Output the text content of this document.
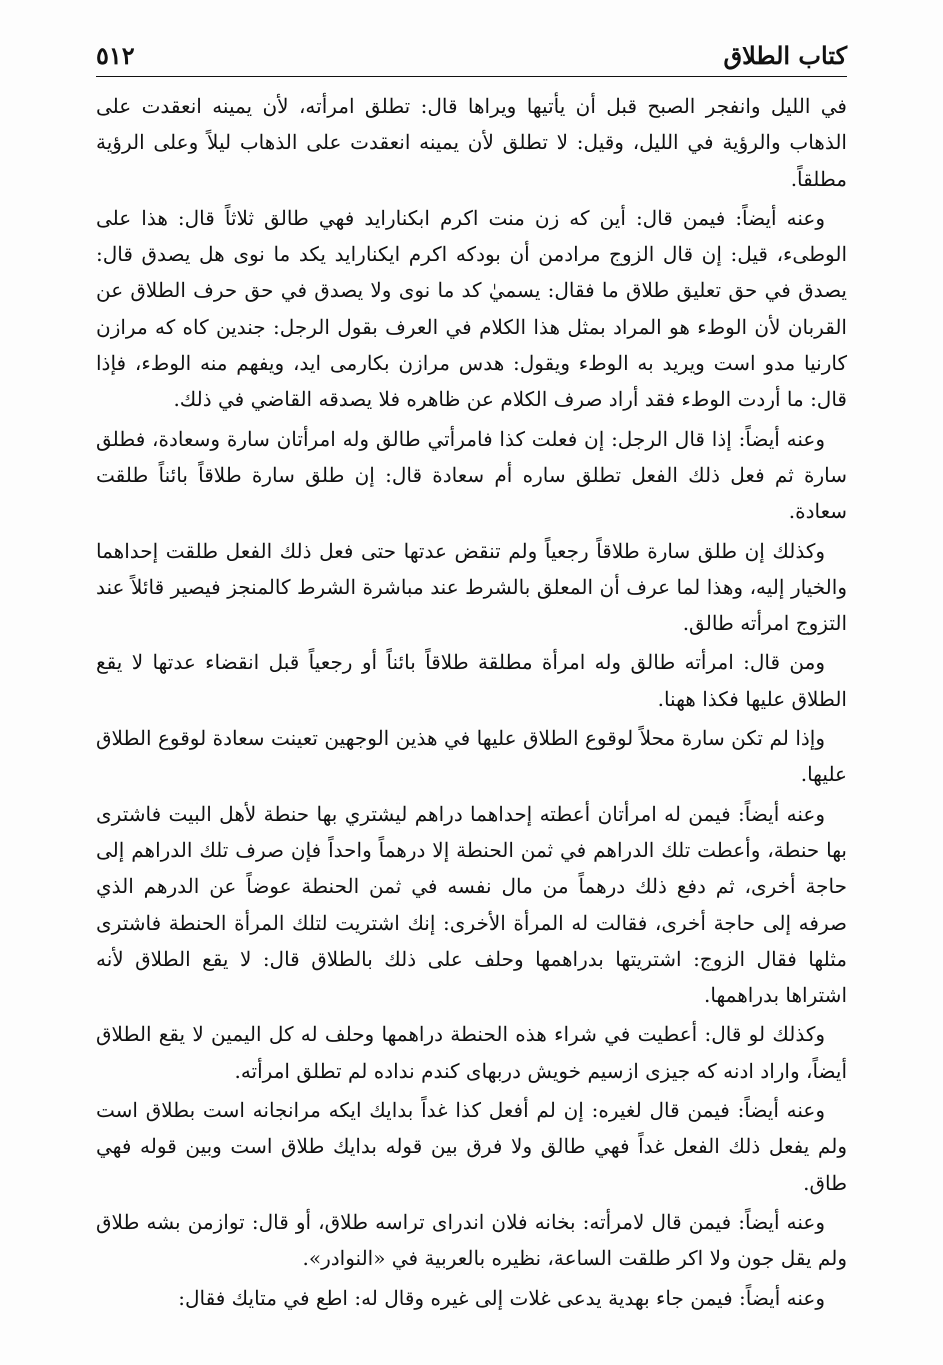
كتاب الطلاق
٥١٢

في الليل وانفجر الصبح قبل أن يأتيها ويراها قال: تطلق امرأته، لأن يمينه انعقدت على الذهاب والرؤية في الليل، وقيل: لا تطلق لأن يمينه انعقدت على الذهاب ليلاً وعلى الرؤية مطلقاً.

وعنه أيضاً: فيمن قال: أين كه زن منت اكرم ابكنارايد فهي طالق ثلاثاً قال: هذا على الوطىء، قيل: إن قال الزوج مرادمن أن بودكه اكرم ايكنارايد يكد ما نوى هل يصدق قال: يصدق في حق تعليق طلاق ما فقال: يسميٰ كد ما نوى ولا يصدق في حق حرف الطلاق عن القربان لأن الوطء هو المراد بمثل هذا الكلام في العرف بقول الرجل: جندين كاه كه مرازن كارنيا مدو است ويريد به الوطء ويقول: هدس مرازن بكارمى ايد، ويفهم منه الوطء، فإذا قال: ما أردت الوطء فقد أراد صرف الكلام عن ظاهره فلا يصدقه القاضي في ذلك.

وعنه أيضاً: إذا قال الرجل: إن فعلت كذا فامرأتي طالق وله امرأتان سارة وسعادة، فطلق سارة ثم فعل ذلك الفعل تطلق ساره أم سعادة قال: إن طلق سارة طلاقاً بائناً طلقت سعادة.

وكذلك إن طلق سارة طلاقاً رجعياً ولم تنقض عدتها حتى فعل ذلك الفعل طلقت إحداهما والخيار إليه، وهذا لما عرف أن المعلق بالشرط عند مباشرة الشرط كالمنجز فيصير قائلاً عند التزوج امرأته طالق.

ومن قال: امرأته طالق وله امرأة مطلقة طلاقاً بائناً أو رجعياً قبل انقضاء عدتها لا يقع الطلاق عليها فكذا ههنا.

وإذا لم تكن سارة محلاً لوقوع الطلاق عليها في هذين الوجهين تعينت سعادة لوقوع الطلاق عليها.

وعنه أيضاً: فيمن له امرأتان أعطته إحداهما دراهم ليشتري بها حنطة لأهل البيت فاشترى بها حنطة، وأعطت تلك الدراهم في ثمن الحنطة إلا درهماً واحداً فإن صرف تلك الدراهم إلى حاجة أخرى، ثم دفع ذلك درهماً من مال نفسه في ثمن الحنطة عوضاً عن الدرهم الذي صرفه إلى حاجة أخرى، فقالت له المرأة الأخرى: إنك اشتريت لتلك المرأة الحنطة فاشترى مثلها فقال الزوج: اشتريتها بدراهمها وحلف على ذلك بالطلاق قال: لا يقع الطلاق لأنه اشتراها بدراهمها.

وكذلك لو قال: أعطيت في شراء هذه الحنطة دراهمها وحلف له كل اليمين لا يقع الطلاق أيضاً، واراد ادنه كه جيزى ازسيم خويش دربهاى كندم نداده لم تطلق امرأته.

وعنه أيضاً: فيمن قال لغيره: إن لم أفعل كذا غداً بدايك ايكه مرانجانه است بطلاق است ولم يفعل ذلك الفعل غداً فهي طالق ولا فرق بين قوله بدايك طلاق است وبين قوله فهي طاق.

وعنه أيضاً: فيمن قال لامرأته: بخانه فلان اندراى تراسه طلاق، أو قال: توازمن بشه طلاق ولم يقل جون ولا اكر طلقت الساعة، نظيره بالعربية في «النوادر».

وعنه أيضاً: فيمن جاء بهدية يدعى غلات إلى غيره وقال له: اطع في متايك فقال:
